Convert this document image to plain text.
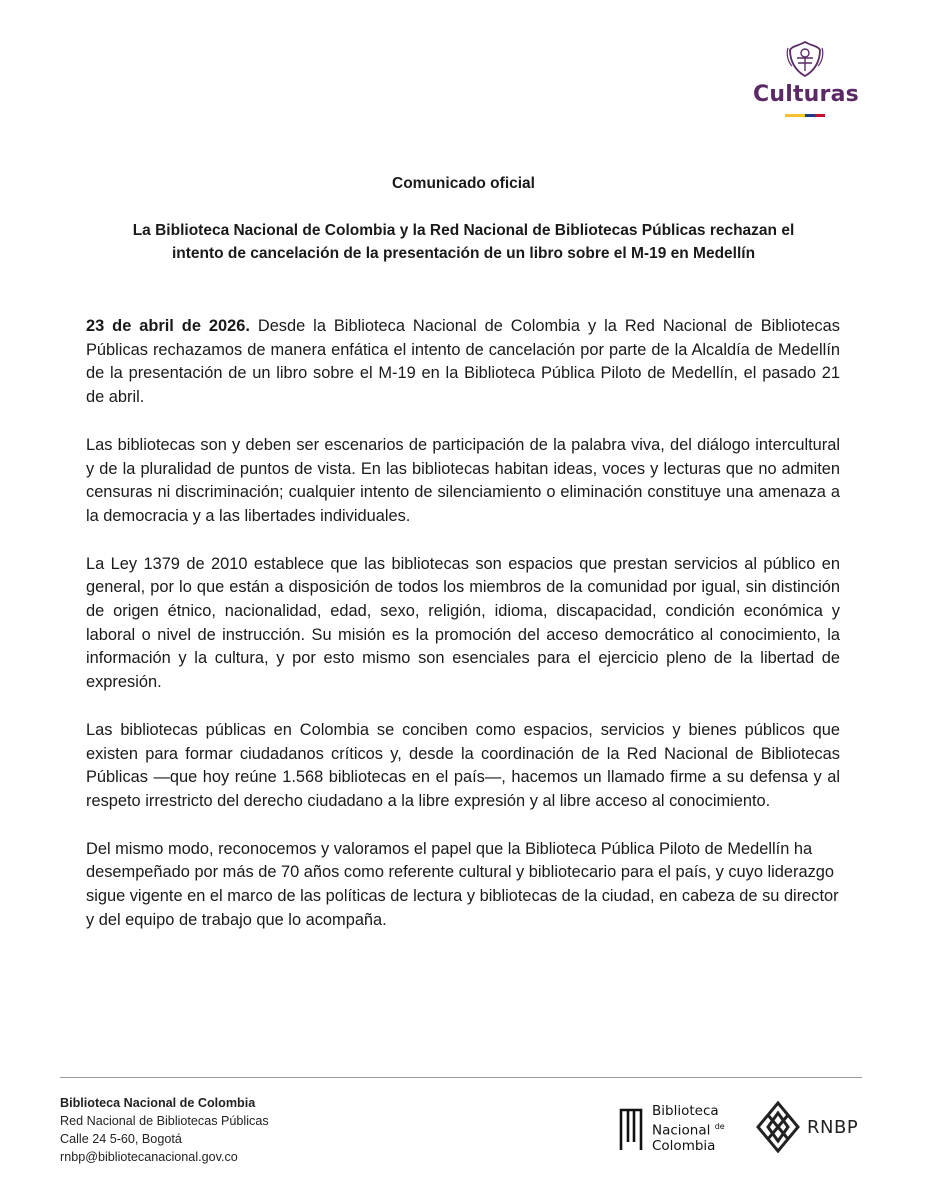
Culturas
Comunicado oficial
La Biblioteca Nacional de Colombia y la Red Nacional de Bibliotecas Públicas rechazan el
intento de cancelación de la presentación de un libro sobre el M-19 en Medellín

23 de abril de 2026. Desde la Biblioteca Nacional de Colombia y la Red Nacional de Bibliotecas Públicas rechazamos de manera enfática el intento de cancelación por parte de la Alcaldía de Medellín de la presentación de un libro sobre el M-19 en la Biblioteca Pública Piloto de Medellín, el pasado 21 de abril.

Las bibliotecas son y deben ser escenarios de participación de la palabra viva, del diálogo intercultural y de la pluralidad de puntos de vista. En las bibliotecas habitan ideas, voces y lecturas que no admiten censuras ni discriminación; cualquier intento de silenciamiento o eliminación constituye una amenaza a la democracia y a las libertades individuales.

La Ley 1379 de 2010 establece que las bibliotecas son espacios que prestan servicios al público en general, por lo que están a disposición de todos los miembros de la comunidad por igual, sin distinción de origen étnico, nacionalidad, edad, sexo, religión, idioma, discapacidad, condición económica y laboral o nivel de instrucción. Su misión es la promoción del acceso democrático al conocimiento, la información y la cultura, y por esto mismo son esenciales para el ejercicio pleno de la libertad de expresión.

Las bibliotecas públicas en Colombia se conciben como espacios, servicios y bienes públicos que existen para formar ciudadanos críticos y, desde la coordinación de la Red Nacional de Bibliotecas Públicas —que hoy reúne 1.568 bibliotecas en el país—, hacemos un llamado firme a su defensa y al respeto irrestricto del derecho ciudadano a la libre expresión y al libre acceso al conocimiento.

Del mismo modo, reconocemos y valoramos el papel que la Biblioteca Pública Piloto de Medellín ha desempeñado por más de 70 años como referente cultural y bibliotecario para el país, y cuyo liderazgo sigue vigente en el marco de las políticas de lectura y bibliotecas de la ciudad, en cabeza de su director y del equipo de trabajo que lo acompaña.

Biblioteca Nacional de Colombia
Red Nacional de Bibliotecas Públicas
Calle 24 5-60, Bogotá
rnbp@bibliotecanacional.gov.co
Biblioteca
Nacional $^{de}$
Colombia
RNBP
